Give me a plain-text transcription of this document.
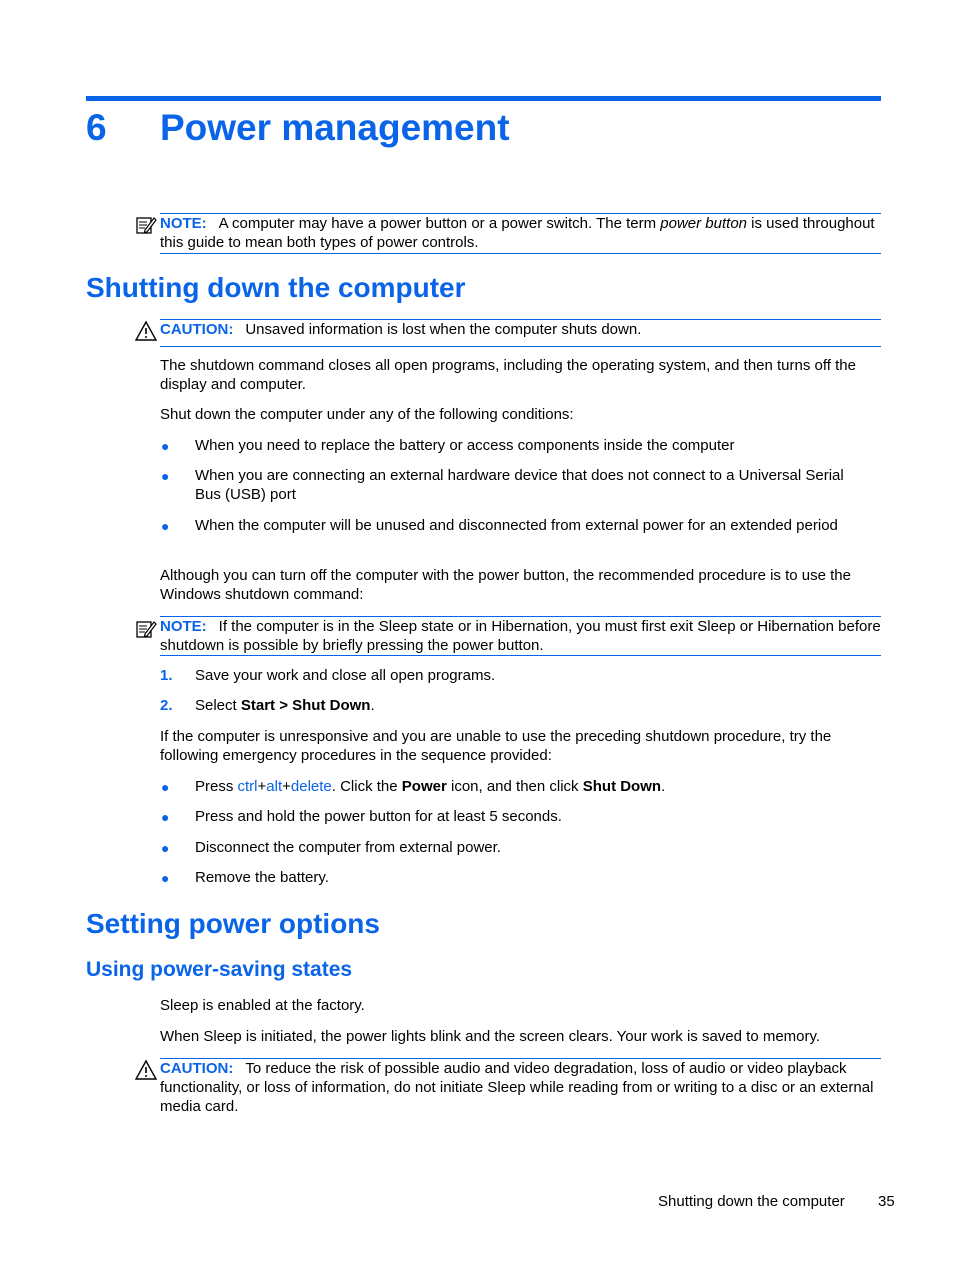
6 Power management
NOTE: A computer may have a power button or a power switch. The term power button is used throughout this guide to mean both types of power controls.
Shutting down the computer
CAUTION: Unsaved information is lost when the computer shuts down.
The shutdown command closes all open programs, including the operating system, and then turns off the display and computer.
Shut down the computer under any of the following conditions:
● When you need to replace the battery or access components inside the computer
● When you are connecting an external hardware device that does not connect to a Universal Serial Bus (USB) port
● When the computer will be unused and disconnected from external power for an extended period
Although you can turn off the computer with the power button, the recommended procedure is to use the Windows shutdown command:
NOTE: If the computer is in the Sleep state or in Hibernation, you must first exit Sleep or Hibernation before shutdown is possible by briefly pressing the power button.
1. Save your work and close all open programs.
2. Select Start > Shut Down.
If the computer is unresponsive and you are unable to use the preceding shutdown procedure, try the following emergency procedures in the sequence provided:
● Press ctrl+alt+delete. Click the Power icon, and then click Shut Down.
● Press and hold the power button for at least 5 seconds.
● Disconnect the computer from external power.
● Remove the battery.
Setting power options
Using power-saving states
Sleep is enabled at the factory.
When Sleep is initiated, the power lights blink and the screen clears. Your work is saved to memory.
CAUTION: To reduce the risk of possible audio and video degradation, loss of audio or video playback functionality, or loss of information, do not initiate Sleep while reading from or writing to a disc or an external media card.
Shutting down the computer 35
